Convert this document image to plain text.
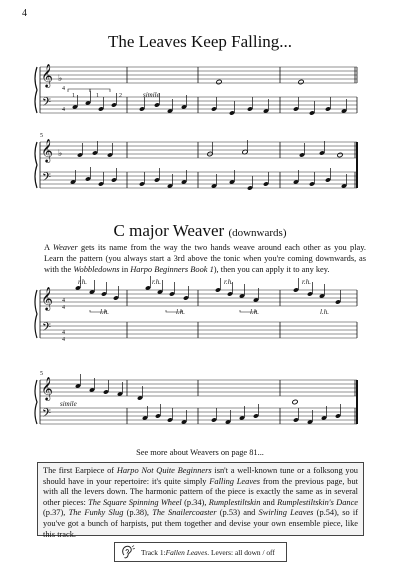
4
The Leaves Keep Falling...
𝄞
𝄢
♭
4
4
1	1	2	simile
𝄞
𝄢
5
♭
C major Weaver (downwards)
A Weaver gets its name from the way the two hands weave around each other as you play. Learn the pattern (you always start a 3rd above the tonic when you're coming downwards, as with the Wobbledowns in Harpo Beginners Book 1), then you can apply it to any key.
𝄞
𝄢
4
4
4
4
r.h.	r.h.	r.h.	r.h.
l.h.	l.h.	l.h.	l.h.
𝄞
𝄢
5
simile
See more about Weavers on page 81...
The first Earpiece of Harpo Not Quite Beginners isn't a well-known tune or a folksong you should have in your repertoire: it's quite simply Falling Leaves from the previous page, but with all the levers down. The harmonic pattern of the piece is exactly the same as in several other pieces: The Square Spinning Wheel (p.34), Rumplestiltskin and Rumplestiltskin's Dance (p.37), The Funky Slug (p.38), The Snailercoaster (p.53) and Swirling Leaves (p.54), so if you've got a bunch of harpists, put them together and devise your own ensemble piece, like this track.
Track 1: Fallen Leaves . Levers: all down / off
